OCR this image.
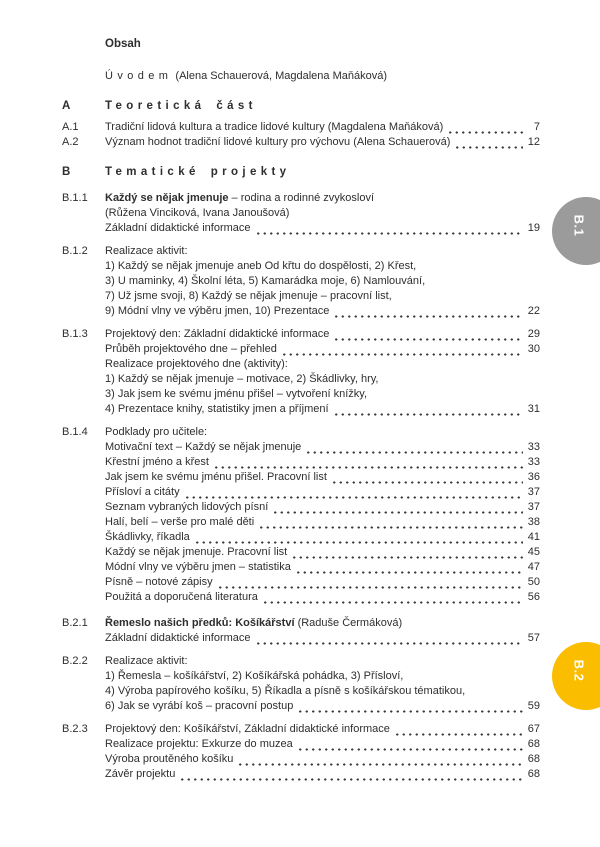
Obsah
Úvodem (Alena Schauerová, Magdalena Maňáková)
A	Teoretická část
A.1	Tradiční lidová kultura a tradice lidové kultury (Magdalena Maňáková)	7
A.2	Význam hodnot tradiční lidové kultury pro výchovu (Alena Schauerová)	12
B	Tematické projekty
B.1.1	Každý se nějak jmenuje – rodina a rodinné zvykosloví
(Růžena Vinciková, Ivana Janoušová)
Základní didaktické informace	19
B.1.2	Realizace aktivit:
1) Každý se nějak jmenuje aneb Od křtu do dospělosti, 2) Křest,
3) U maminky, 4) Školní léta, 5) Kamarádka moje, 6) Namlouvání,
7) Už jsme svoji, 8) Každý se nějak jmenuje – pracovní list,
9) Módní vlny ve výběru jmen, 10) Prezentace	22
B.1.3	Projektový den: Základní didaktické informace	29
Průběh projektového dne – přehled	30
Realizace projektového dne (aktivity):
1) Každý se nějak jmenuje – motivace, 2) Škádlivky, hry,
3) Jak jsem ke svému jménu přišel – vytvoření knížky,
4) Prezentace knihy, statistiky jmen a příjmení	31
B.1.4	Podklady pro učitele:
Motivační text – Každý se nějak jmenuje	33
Křestní jméno a křest	33
Jak jsem ke svému jménu přišel. Pracovní list	36
Přísloví a citáty	37
Seznam vybraných lidových písní	37
Halí, belí – verše pro malé děti	38
Škádlivky, říkadla	41
Každý se nějak jmenuje. Pracovní list	45
Módní vlny ve výběru jmen – statistika	47
Písně – notové zápisy	50
Použitá a doporučená literatura	56
B.2.1	Řemeslo našich předků: Košíkářství (Raduše Čermáková)
Základní didaktické informace	57
B.2.2	Realizace aktivit:
1) Řemesla – košíkářství, 2) Košíkářská pohádka, 3) Přísloví,
4) Výroba papírového košíku, 5) Říkadla a písně s košíkářskou tématikou,
6) Jak se vyrábí koš – pracovní postup	59
B.2.3	Projektový den: Košíkářství, Základní didaktické informace	67
Realizace projektu: Exkurze do muzea	68
Výroba proutěného košíku	68
Závěr projektu	68
B.1
B.2
